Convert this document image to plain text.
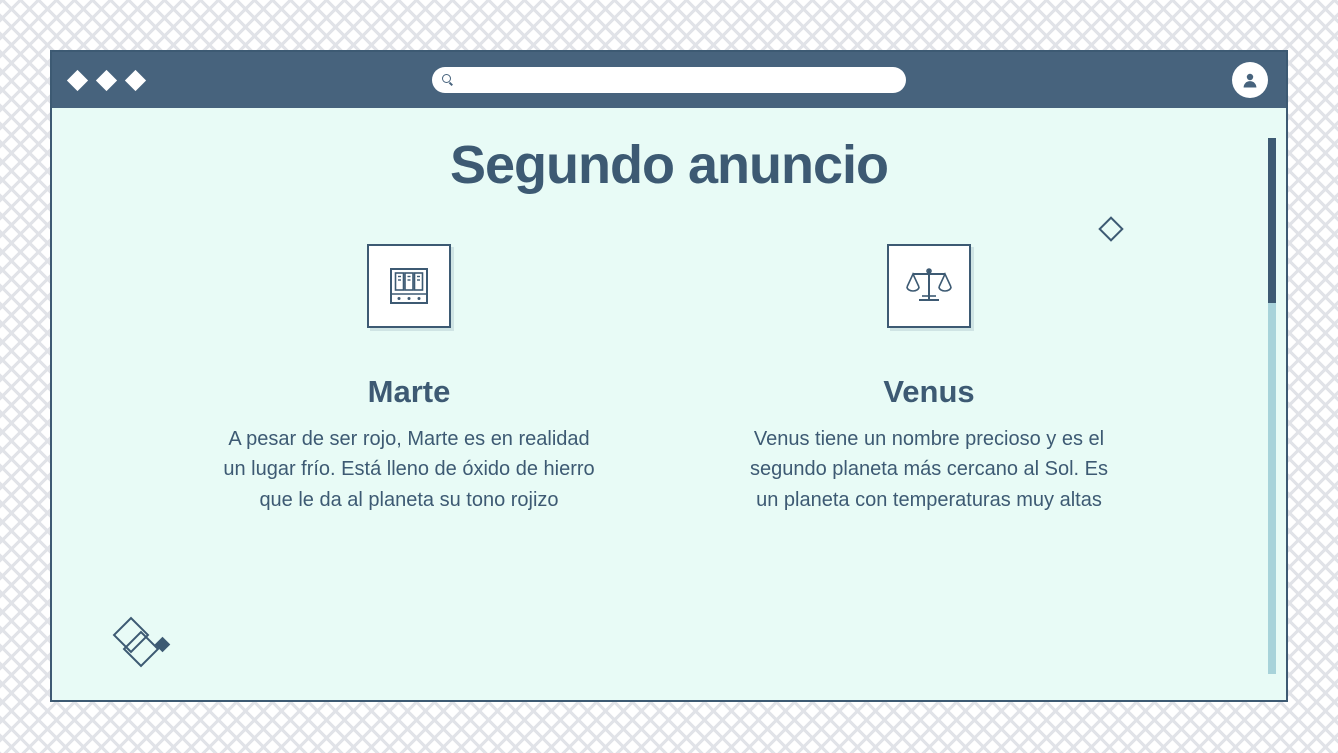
Segundo anuncio
Marte

A pesar de ser rojo, Marte es en realidad un lugar frío. Está lleno de óxido de hierro que le da al planeta su tono rojizo

Venus

Venus tiene un nombre precioso y es el segundo planeta más cercano al Sol. Es un planeta con temperaturas muy altas
